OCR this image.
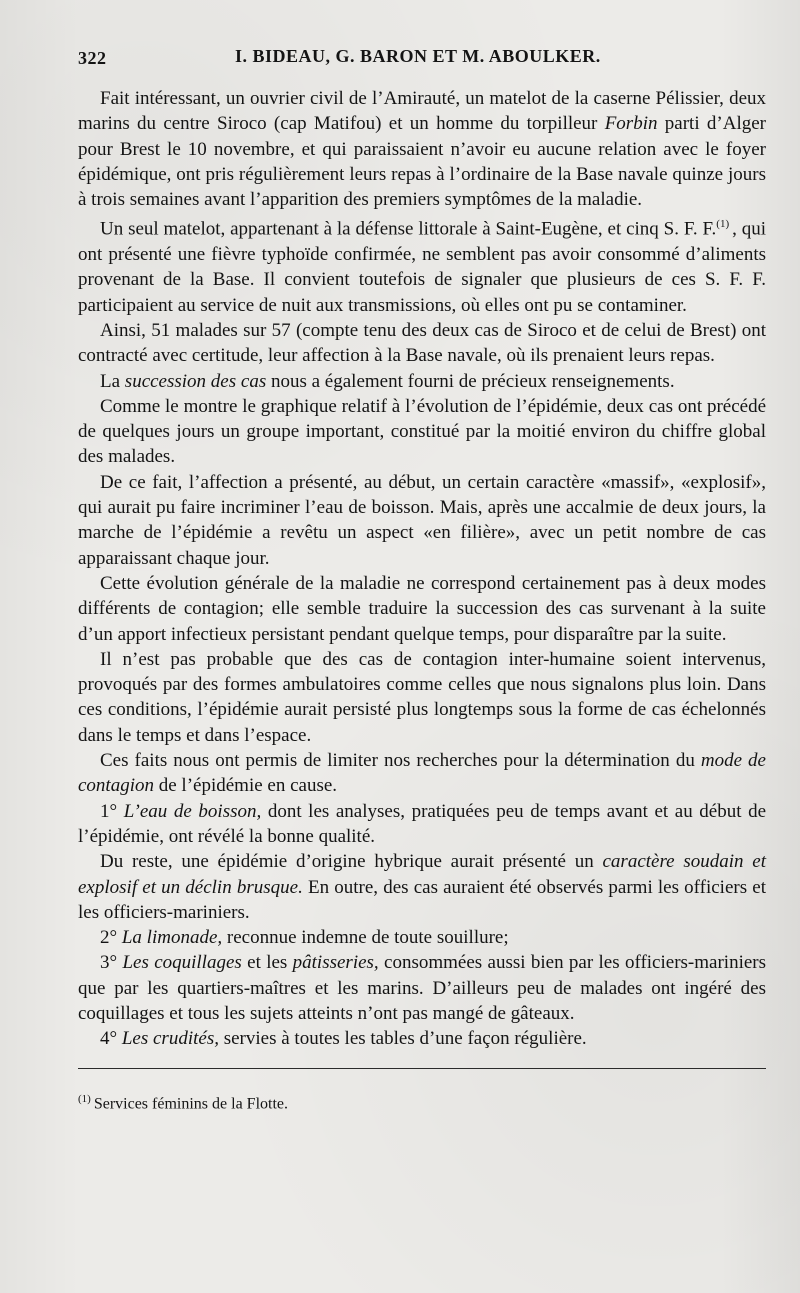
322	I. BIDEAU, G. BARON ET M. ABOULKER.

Fait intéressant, un ouvrier civil de l’Amirauté, un matelot de la caserne Pélissier, deux marins du centre Siroco (cap Matifou) et un homme du torpilleur Forbin parti d’Alger pour Brest le 10 novembre, et qui paraissaient n’avoir eu aucune relation avec le foyer épidémique, ont pris régulièrement leurs repas à l’ordinaire de la Base navale quinze jours à trois semaines avant l’apparition des premiers symptômes de la maladie.

Un seul matelot, appartenant à la défense littorale à Saint-Eugène, et cinq S. F. F.$^{(1)}$ , qui ont présenté une fièvre typhoïde confirmée, ne semblent pas avoir consommé d’aliments provenant de la Base. Il convient toutefois de signaler que plusieurs de ces S. F. F. participaient au service de nuit aux transmissions, où elles ont pu se contaminer.

Ainsi, 51 malades sur 57 (compte tenu des deux cas de Siroco et de celui de Brest) ont contracté avec certitude, leur affection à la Base navale, où ils prenaient leurs repas.

La succession des cas nous a également fourni de précieux renseignements.

Comme le montre le graphique relatif à l’évolution de l’épidémie, deux cas ont précédé de quelques jours un groupe important, constitué par la moitié environ du chiffre global des malades.

De ce fait, l’affection a présenté, au début, un certain caractère «massif», «explosif», qui aurait pu faire incriminer l’eau de boisson. Mais, après une accalmie de deux jours, la marche de l’épidémie a revêtu un aspect «en filière», avec un petit nombre de cas apparaissant chaque jour.

Cette évolution générale de la maladie ne correspond certainement pas à deux modes différents de contagion; elle semble traduire la succession des cas survenant à la suite d’un apport infectieux persistant pendant quelque temps, pour disparaître par la suite.

Il n’est pas probable que des cas de contagion inter-humaine soient intervenus, provoqués par des formes ambulatoires comme celles que nous signalons plus loin. Dans ces conditions, l’épidémie aurait persisté plus longtemps sous la forme de cas échelonnés dans le temps et dans l’espace.

Ces faits nous ont permis de limiter nos recherches pour la détermination du mode de contagion de l’épidémie en cause.

1° L’eau de boisson, dont les analyses, pratiquées peu de temps avant et au début de l’épidémie, ont révélé la bonne qualité.

Du reste, une épidémie d’origine hybrique aurait présenté un caractère soudain et explosif et un déclin brusque. En outre, des cas auraient été observés parmi les officiers et les officiers-mariniers.

2° La limonade, reconnue indemne de toute souillure;

3° Les coquillages et les pâtisseries, consommées aussi bien par les officiers-mariniers que par les quartiers-maîtres et les marins. D’ailleurs peu de malades ont ingéré des coquillages et tous les sujets atteints n’ont pas mangé de gâteaux.

4° Les crudités, servies à toutes les tables d’une façon régulière.

$^{(1)}$ Services féminins de la Flotte.
